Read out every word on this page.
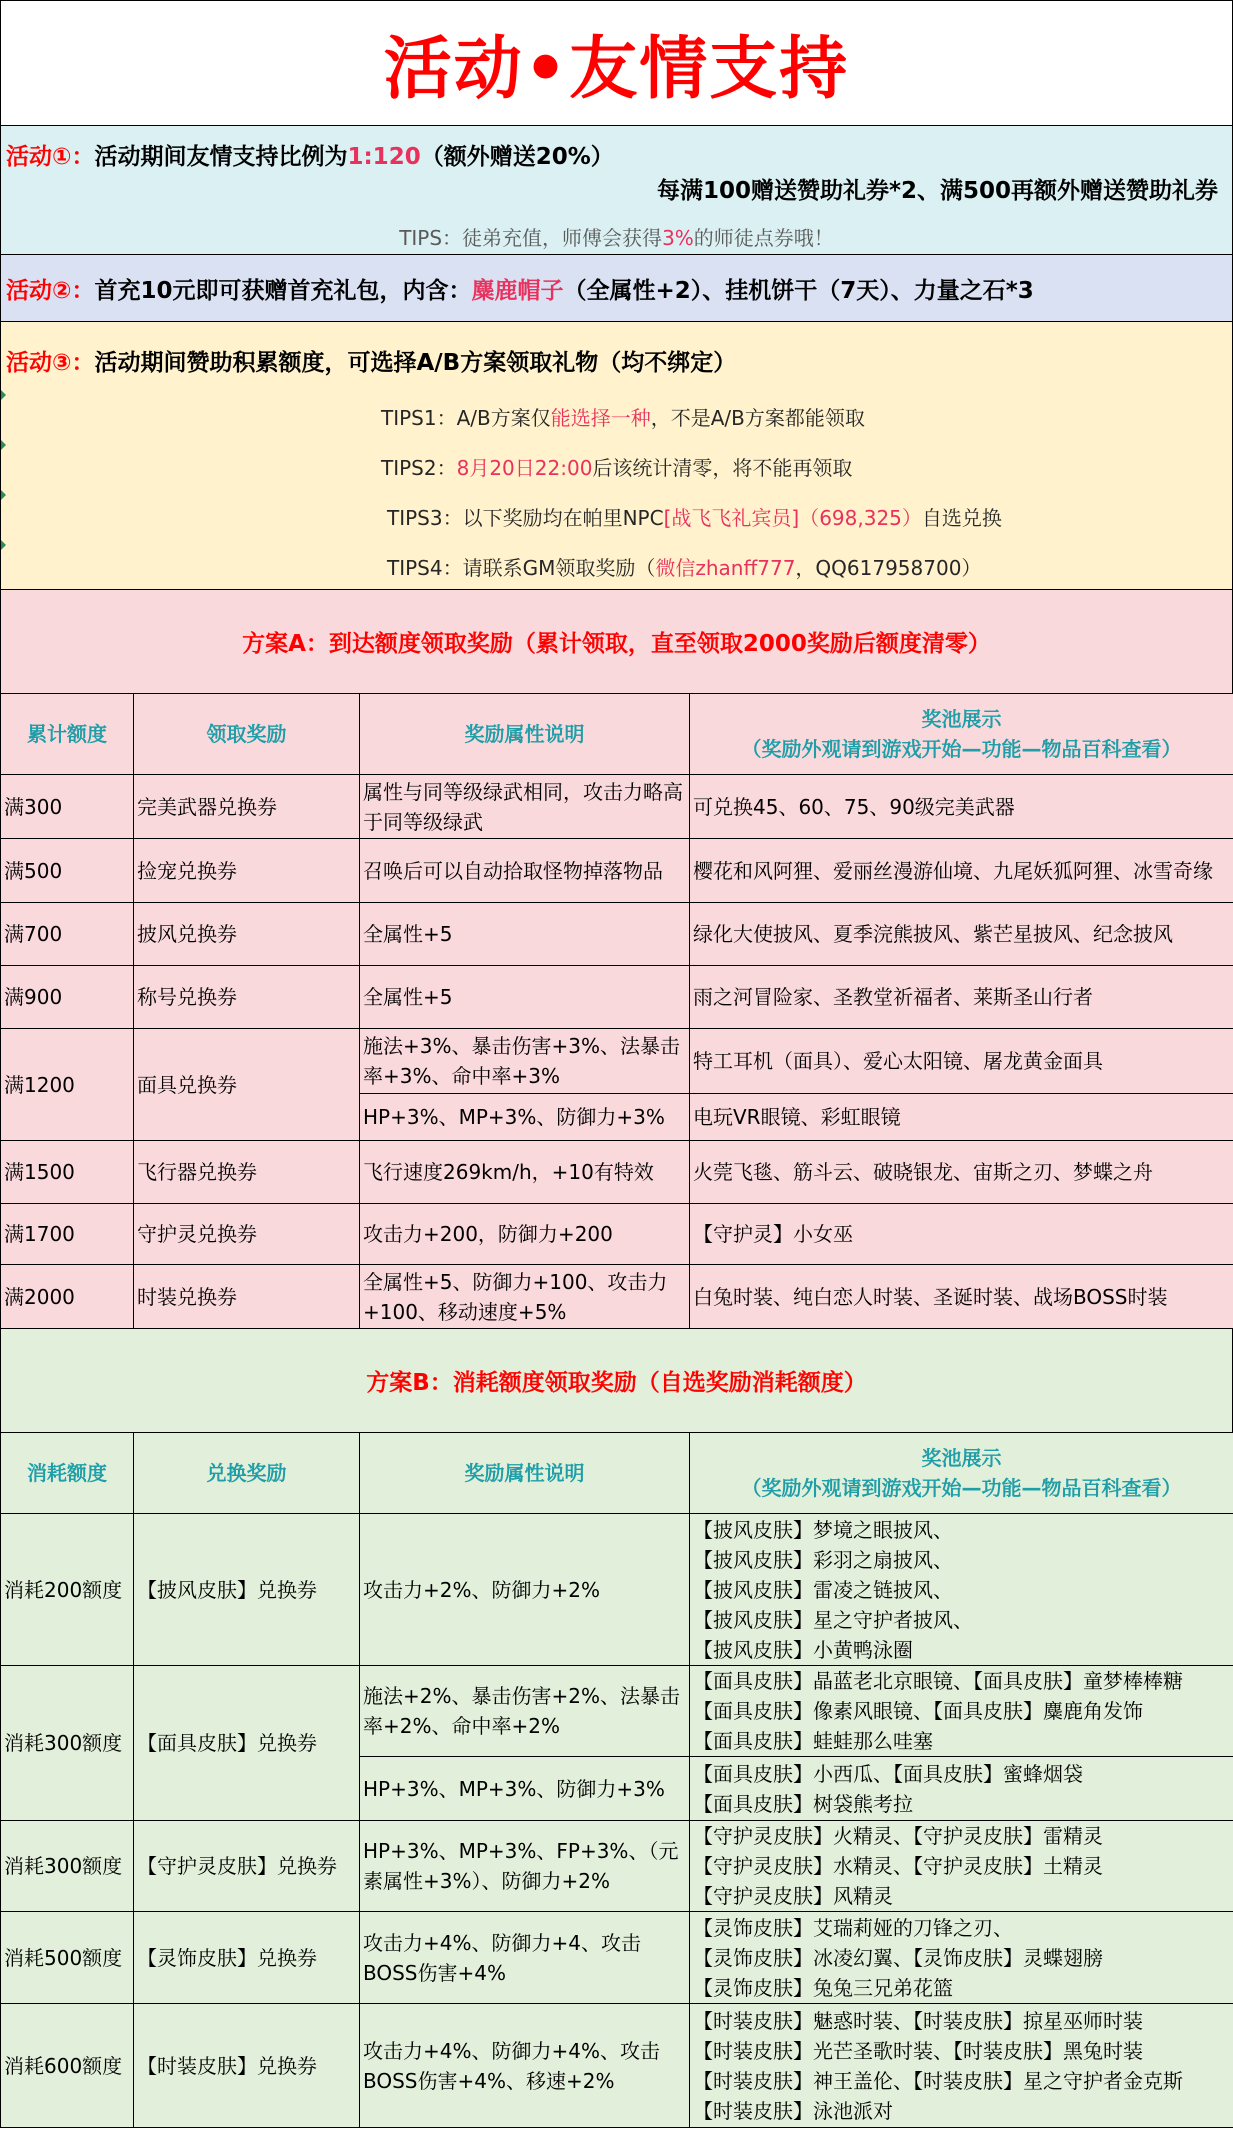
活动•友情支持
活动①：活动期间友情支持比例为1:120（额外赠送20%）
每满100赠送赞助礼券*2、满500再额外赠送赞助礼券
TIPS：徒弟充值，师傅会获得3%的师徒点券哦！
活动②： 首充10元即可获赠首充礼包，内含： 麋鹿帽子 （全属性+2）、挂机饼干（7天）、力量之石*3
活动③：活动期间赞助积累额度，可选择A/B方案领取礼物（均不绑定）
TIPS1：A/B方案仅能选择一种，不是A/B方案都能领取
TIPS2：8月20日22:00后该统计清零，将不能再领取
TIPS3：以下奖励均在帕里NPC[战飞飞礼宾员]（698,325）自选兑换
TIPS4：请联系GM领取奖励（微信zhanff777，QQ617958700）
方案A：到达额度领取奖励（累计领取，直至领取2000奖励后额度清零）
累计额度	领取奖励	奖励属性说明	奖池展示
（奖励外观请到游戏开始—功能—物品百科查看）

满300	完美武器兑换券	属性与同等级绿武相同，攻击力略高于同等级绿武	可兑换45、60、75、90级完美武器
满500	捡宠兑换券	召唤后可以自动拾取怪物掉落物品	樱花和风阿狸、爱丽丝漫游仙境、九尾妖狐阿狸、冰雪奇缘
满700	披风兑换券	全属性+5	绿化大使披风、夏季浣熊披风、紫芒星披风、纪念披风
满900	称号兑换券	全属性+5	雨之河冒险家、圣教堂祈福者、莱斯圣山行者
满1200	面具兑换券	施法+3%、暴击伤害+3%、法暴击率+3%、命中率+3%	特工耳机（面具）、爱心太阳镜、屠龙黄金面具
		HP+3%、MP+3%、防御力+3%	电玩VR眼镜、彩虹眼镜
满1500	飞行器兑换券	飞行速度269km/h，+10有特效	火莞飞毯、筋斗云、破晓银龙、宙斯之刃、梦蝶之舟
满1700	守护灵兑换券	攻击力+200，防御力+200	【守护灵】小女巫
满2000	时装兑换券	全属性+5、防御力+100、攻击力+100、移动速度+5%	白兔时装、纯白恋人时装、圣诞时装、战场BOSS时装
方案B：消耗额度领取奖励（自选奖励消耗额度）
消耗额度	兑换奖励	奖励属性说明	奖池展示
（奖励外观请到游戏开始—功能—物品百科查看）

消耗200额度	【披风皮肤】兑换券	攻击力+2%、防御力+2%	【披风皮肤】梦境之眼披风、
【披风皮肤】彩羽之扇披风、
【披风皮肤】雷凌之链披风、
【披风皮肤】星之守护者披风、
【披风皮肤】小黄鸭泳圈

消耗300额度	【面具皮肤】兑换券	施法+2%、暴击伤害+2%、法暴击率+2%、命中率+2%	【面具皮肤】晶蓝老北京眼镜、【面具皮肤】童梦棒棒糖
【面具皮肤】像素风眼镜、【面具皮肤】麋鹿角发饰
【面具皮肤】蛙蛙那么哇塞

		HP+3%、MP+3%、防御力+3%	【面具皮肤】小西瓜、【面具皮肤】蜜蜂烟袋
【面具皮肤】树袋熊考拉

消耗300额度	【守护灵皮肤】兑换券	HP+3%、MP+3%、FP+3%、（元素属性+3%）、防御力+2%	【守护灵皮肤】火精灵、【守护灵皮肤】雷精灵
【守护灵皮肤】水精灵、【守护灵皮肤】土精灵
【守护灵皮肤】风精灵

消耗500额度	【灵饰皮肤】兑换券	攻击力+4%、防御力+4、攻击BOSS伤害+4%	【灵饰皮肤】艾瑞莉娅的刀锋之刃、
【灵饰皮肤】冰凌幻翼、【灵饰皮肤】灵蝶翅膀
【灵饰皮肤】兔兔三兄弟花篮

消耗600额度	【时装皮肤】兑换券	攻击力+4%、防御力+4%、攻击BOSS伤害+4%、移速+2%	【时装皮肤】魅惑时装、【时装皮肤】掠星巫师时装
【时装皮肤】光芒圣歌时装、【时装皮肤】黑兔时装
【时装皮肤】神王盖伦、【时装皮肤】星之守护者金克斯
【时装皮肤】泳池派对
